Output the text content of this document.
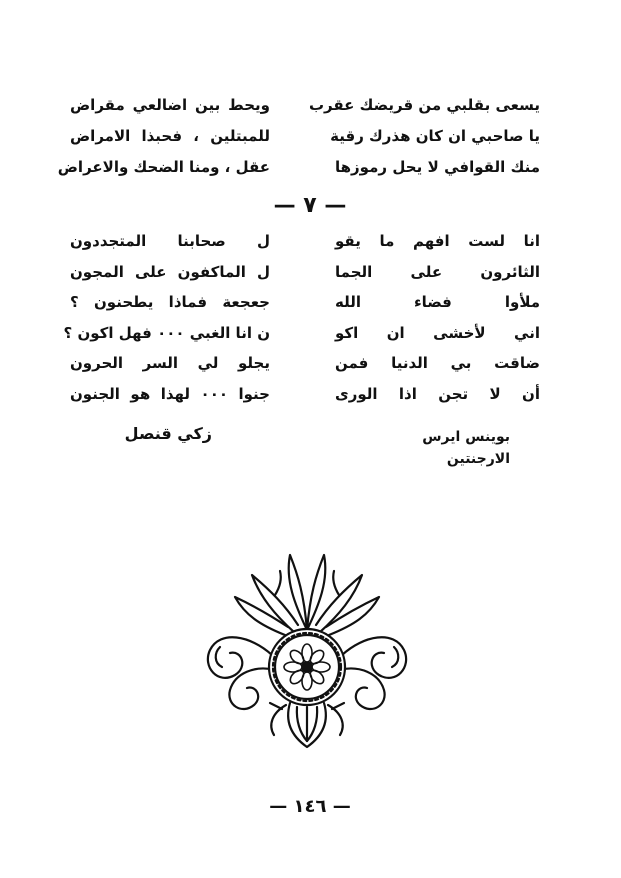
يسعى بقلبي من قريضك عقرب
ويحط بين اضالعي مقراض
يا صاحبي ان كان هذرك رقية
للمبتلين ، فحبذا الامراض
منك القوافي لا يحل رموزها
عقل ، ومنا الضحك والاعراض
— ٧ —
انا لست افهم ما يقو
ل صحابنا المتجددون
الثائرون على الجما
ل الماكفون على المجون
ملأوا فضاء الله
جعجعة فماذا يطحنون ؟
اني لأخشى ان اكو
ن انا الغبي ٠٠٠ فهل اكون ؟
ضاقت بي الدنيا فمن
يجلو لي السر الحرون
أن لا تجن اذا الورى
جنوا ٠٠٠ لهذا هو الجنون
بوينس ايرس
الارجنتين
زكي قنصل
— ١٤٦ —
